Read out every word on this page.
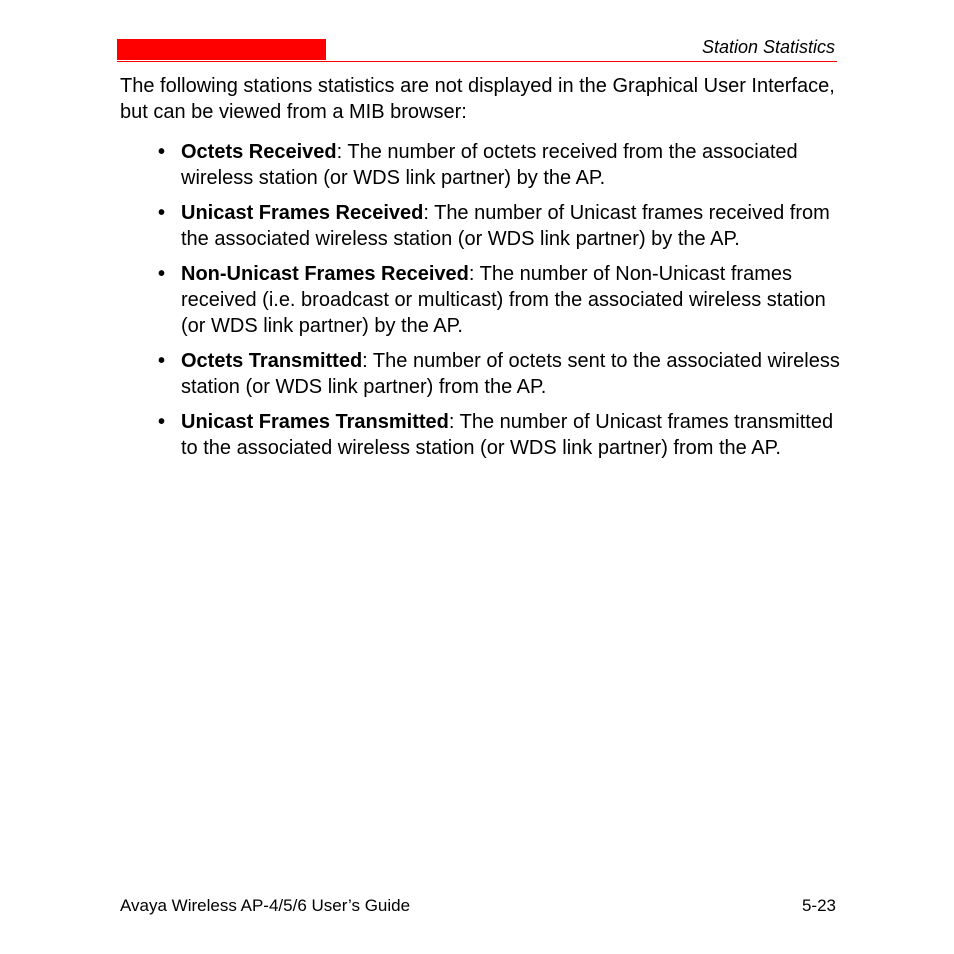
Station Statistics

The following stations statistics are not displayed in the Graphical User Interface, but can be viewed from a MIB browser:

• Octets Received: The number of octets received from the associated wireless station (or WDS link partner) by the AP.
• Unicast Frames Received: The number of Unicast frames received from the associated wireless station (or WDS link partner) by the AP.
• Non-Unicast Frames Received: The number of Non-Unicast frames received (i.e. broadcast or multicast) from the associated wireless station (or WDS link partner) by the AP.
• Octets Transmitted: The number of octets sent to the associated wireless station (or WDS link partner) from the AP.
• Unicast Frames Transmitted: The number of Unicast frames transmitted to the associated wireless station (or WDS link partner) from the AP.
Avaya Wireless AP-4/5/6 User’s Guide	5-23
